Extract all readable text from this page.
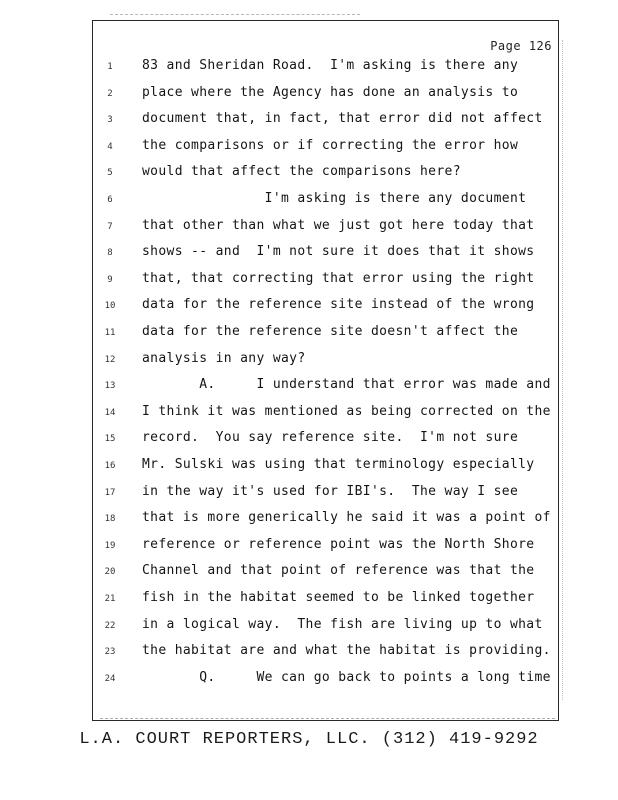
Page 126
1	83 and Sheridan Road.  I'm asking is there any
2	place where the Agency has done an analysis to
3	document that, in fact, that error did not affect
4	the comparisons or if correcting the error how
5	would that affect the comparisons here?
6	I'm asking is there any document
7	that other than what we just got here today that
8	shows -- and  I'm not sure it does that it shows
9	that, that correcting that error using the right
10	data for the reference site instead of the wrong
11	data for the reference site doesn't affect the
12	analysis in any way?
13	A.     I understand that error was made and
14	I think it was mentioned as being corrected on the
15	record.  You say reference site.  I'm not sure
16	Mr. Sulski was using that terminology especially
17	in the way it's used for IBI's.  The way I see
18	that is more generically he said it was a point of
19	reference or reference point was the North Shore
20	Channel and that point of reference was that the
21	fish in the habitat seemed to be linked together
22	in a logical way.  The fish are living up to what
23	the habitat are and what the habitat is providing.
24	Q.     We can go back to points a long time
L.A. COURT REPORTERS, LLC. (312) 419-9292
